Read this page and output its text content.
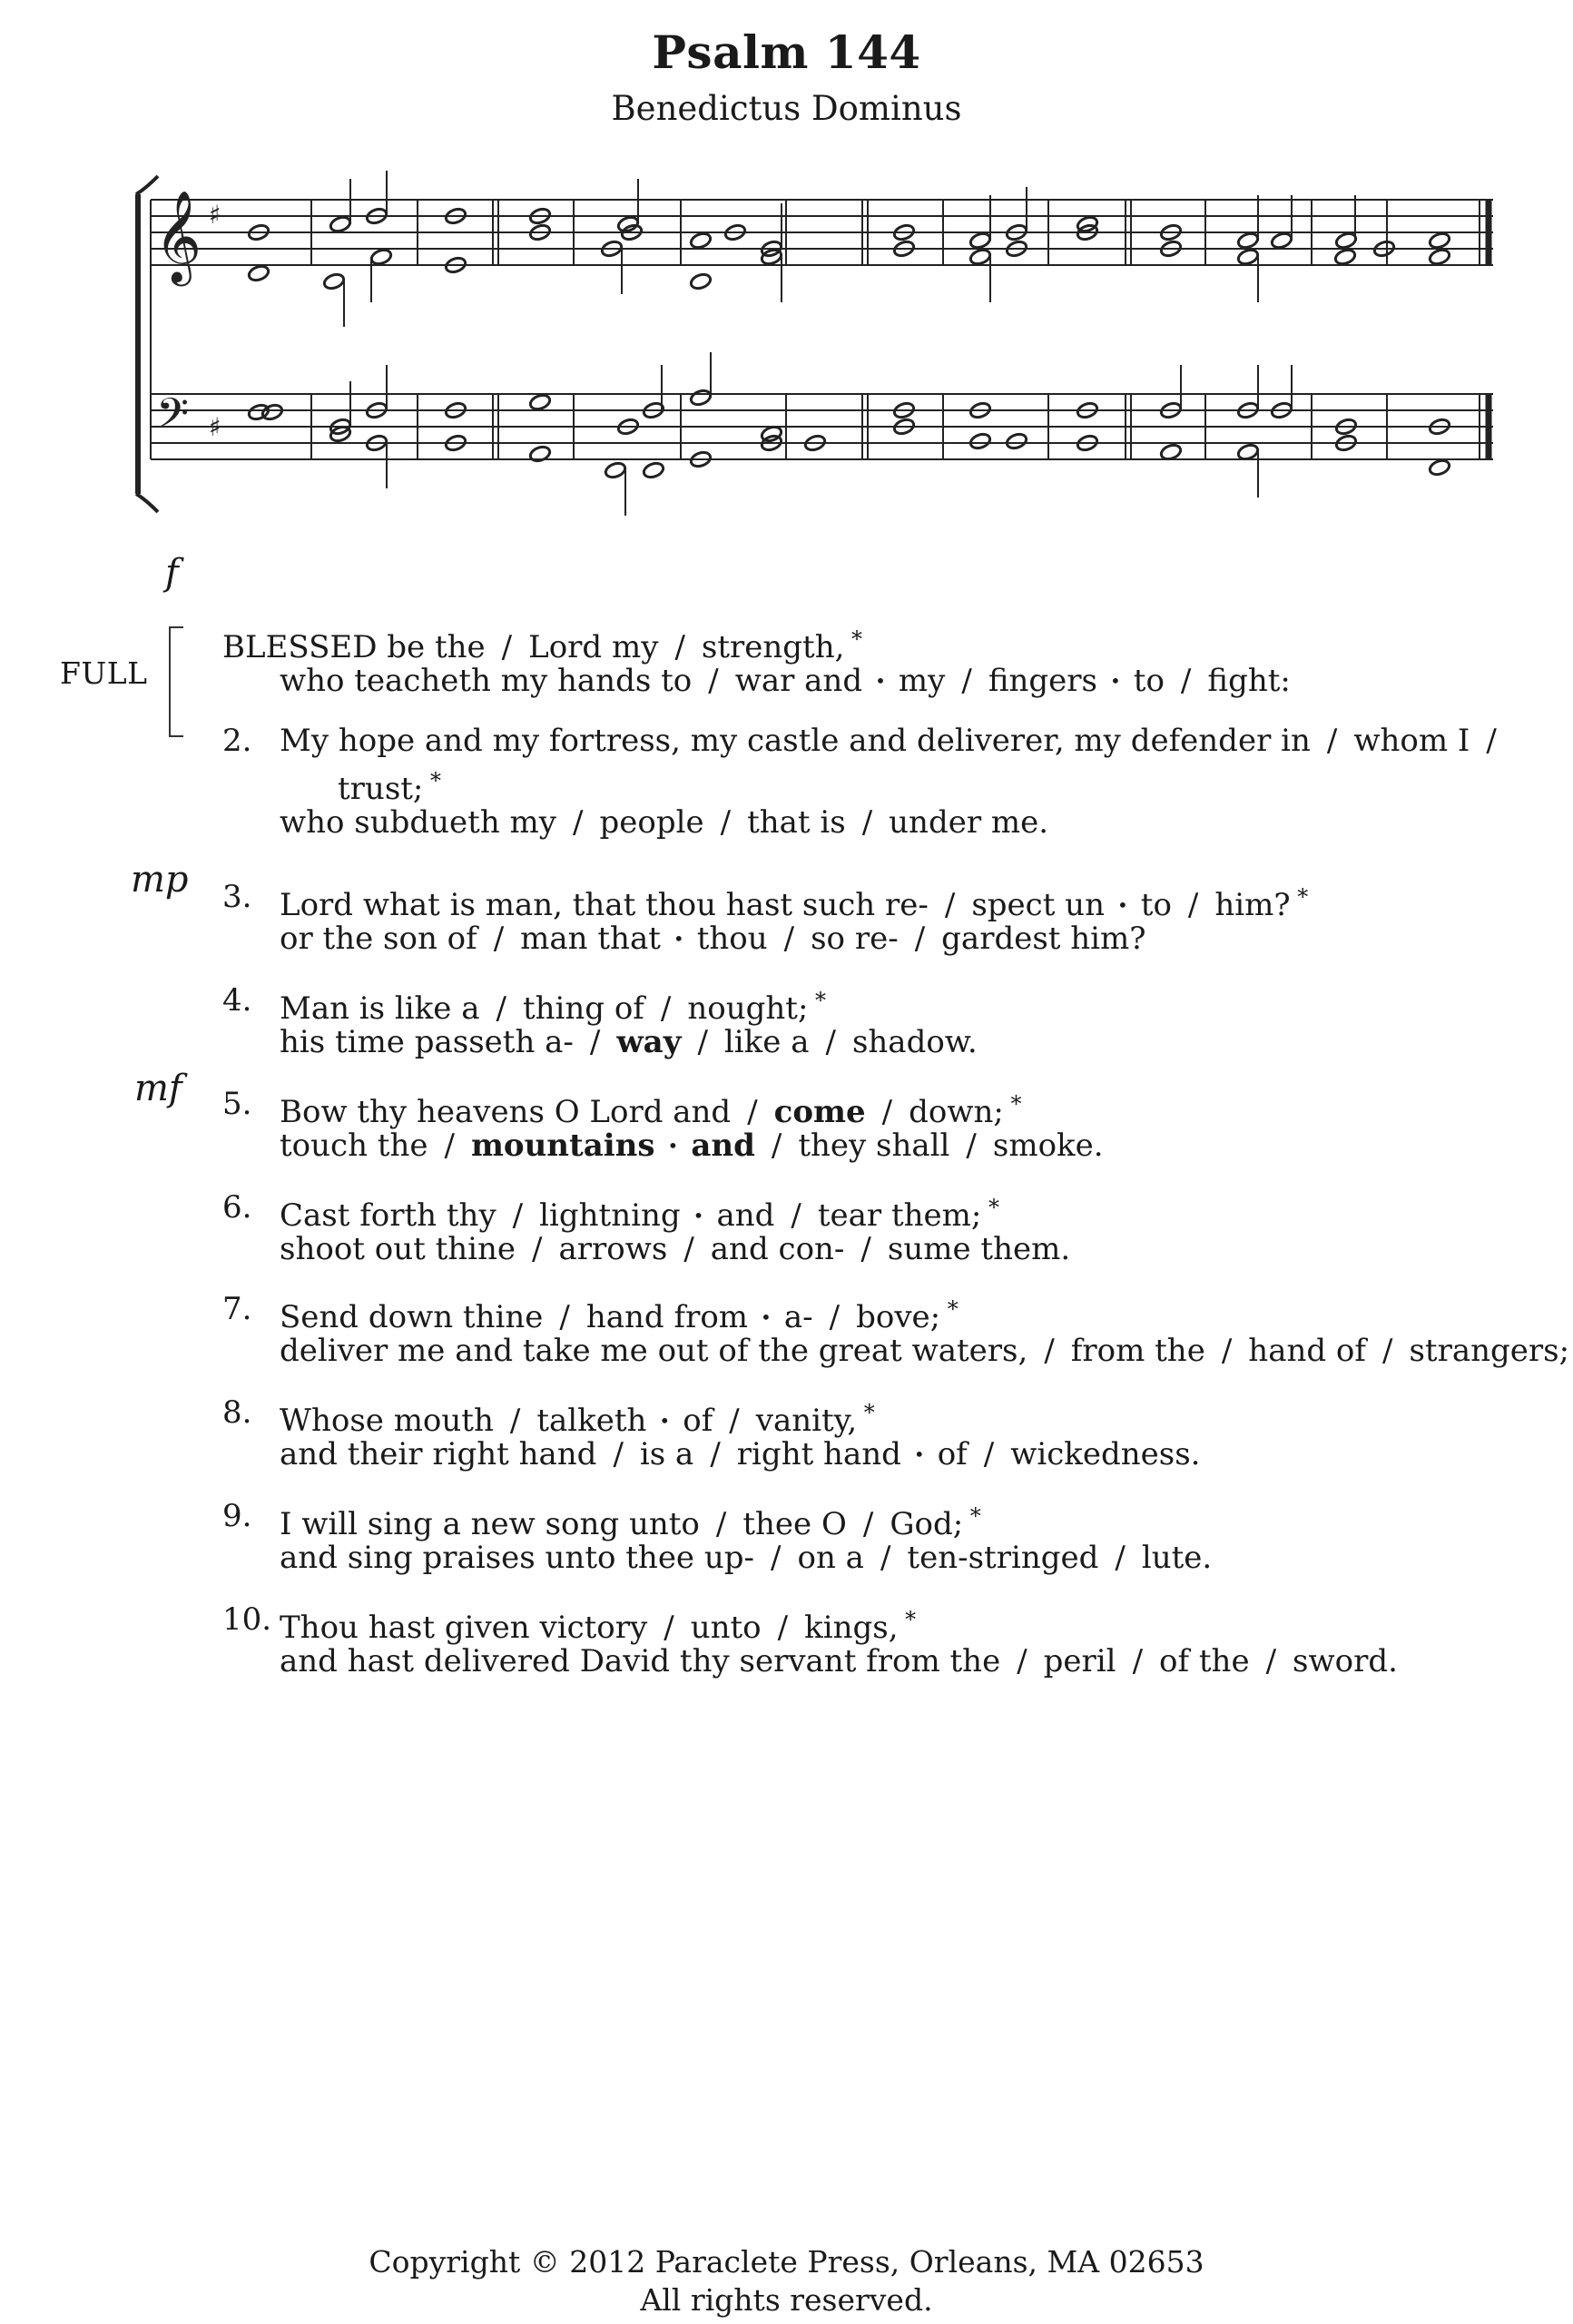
Psalm 144
Benedictus Dominus
𝄞 ♯
𝄢 ♯
f
FULL
mp
mf
BLESSED be the / Lord my / strength, *
who teacheth my hands to / war and • my / fingers • to / fight:
2. My hope and my fortress, my castle and deliverer, my defender in / whom I /
trust; *
who subdueth my / people / that is / under me.
3. Lord what is man, that thou hast such re- / spect un • to / him? *
or the son of / man that • thou / so re- / gardest him?
4. Man is like a / thing of / nought; *
his time passeth a- / way / like a / shadow.
5. Bow thy heavens O Lord and / come / down; *
touch the / mountains • and / they shall / smoke.
6. Cast forth thy / lightning • and / tear them; *
shoot out thine / arrows / and con- / sume them.
7. Send down thine / hand from • a- / bove; *
deliver me and take me out of the great waters, / from the / hand of / strangers;
8. Whose mouth / talketh • of / vanity, *
and their right hand / is a / right hand • of / wickedness.
9. I will sing a new song unto / thee O / God; *
and sing praises unto thee up- / on a / ten-stringed / lute.
10. Thou hast given victory / unto / kings, *
and hast delivered David thy servant from the / peril / of the / sword.
Copyright © 2012 Paraclete Press, Orleans, MA 02653
All rights reserved.
